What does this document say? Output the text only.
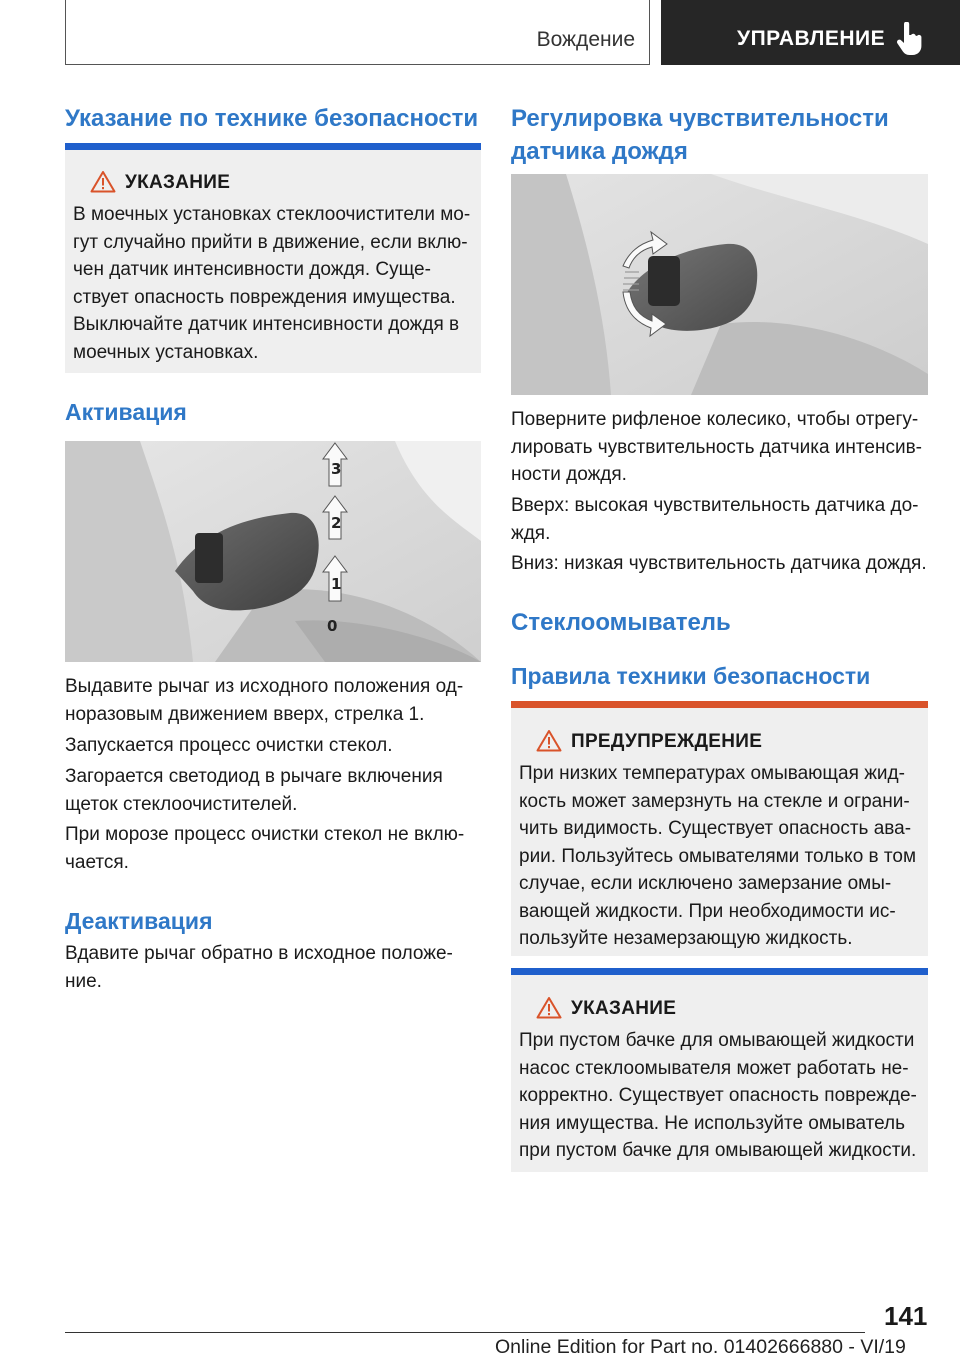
Вождение	УПРАВЛЕНИЕ
Указание по технике безопасности
УКАЗАНИЕ
В моечных установках стеклоочистители мо-
гут случайно прийти в движение, если вклю-
чен датчик интенсивности дождя. Суще-
ствует опасность повреждения имущества.
Выключайте датчик интенсивности дождя в
моечных установках.
Активация
3
2
1
0
Выдавите рычаг из исходного положения од-
норазовым движением вверх, стрелка 1.
Запускается процесс очистки стекол.
Загорается светодиод в рычаге включения
щеток стеклоочистителей.
При морозе процесс очистки стекол не вклю-
чается.
Деактивация
Вдавите рычаг обратно в исходное положе-
ние.
Регулировка чувствительности
датчика дождя
Поверните рифленое колесико, чтобы отрегу-
лировать чувствительность датчика интенсив-
ности дождя.
Вверх: высокая чувствительность датчика до-
ждя.
Вниз: низкая чувствительность датчика дождя.
Стеклоомыватель
Правила техники безопасности
ПРЕДУПРЕЖДЕНИЕ
При низких температурах омывающая жид-
кость может замерзнуть на стекле и ограни-
чить видимость. Существует опасность ава-
рии. Пользуйтесь омывателями только в том
случае, если исключено замерзание омы-
вающей жидкости. При необходимости ис-
пользуйте незамерзающую жидкость.
УКАЗАНИЕ
При пустом бачке для омывающей жидкости
насос стеклоомывателя может работать не-
корректно. Существует опасность поврежде-
ния имущества. Не используйте омыватель
при пустом бачке для омывающей жидкости.
141
Online Edition for Part no. 01402666880 - VI/19
